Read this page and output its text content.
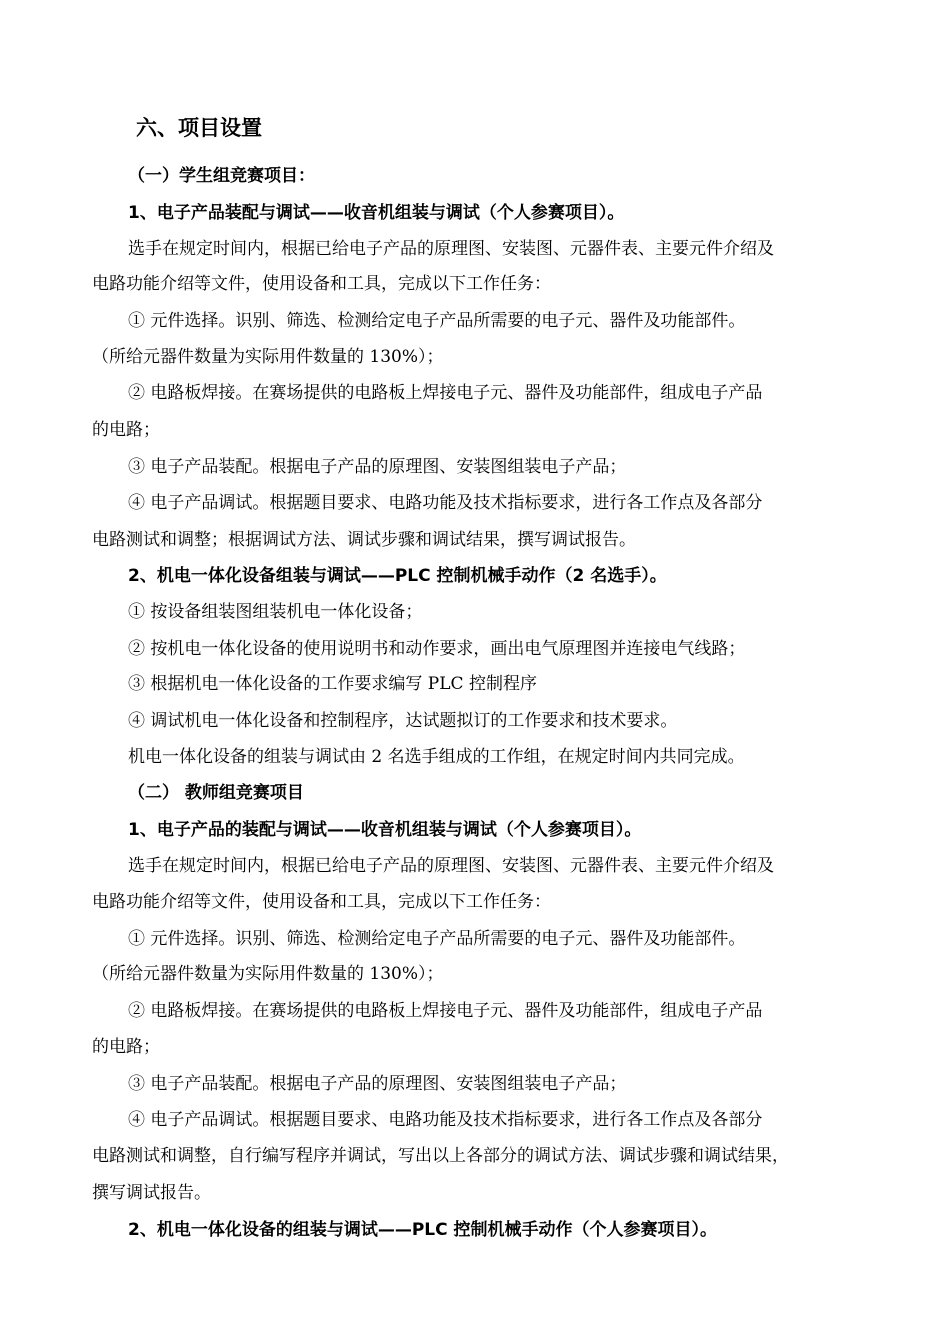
六、项目设置
（一）学生组竞赛项目：
1、电子产品装配与调试——收音机组装与调试（个人参赛项目）。
选手在规定时间内，根据已给电子产品的原理图、安装图、元器件表、主要元件介绍及
电路功能介绍等文件，使用设备和工具，完成以下工作任务：
① 元件选择。识别、筛选、检测给定电子产品所需要的电子元、器件及功能部件。
（所给元器件数量为实际用件数量的 130%）；
② 电路板焊接。在赛场提供的电路板上焊接电子元、器件及功能部件，组成电子产品
的电路；
③ 电子产品装配。根据电子产品的原理图、安装图组装电子产品；
④ 电子产品调试。根据题目要求、电路功能及技术指标要求，进行各工作点及各部分
电路测试和调整；根据调试方法、调试步骤和调试结果，撰写调试报告。
2、机电一体化设备组装与调试——PLC 控制机械手动作（2 名选手）。
① 按设备组装图组装机电一体化设备；
② 按机电一体化设备的使用说明书和动作要求，画出电气原理图并连接电气线路；
③ 根据机电一体化设备的工作要求编写 PLC 控制程序
④ 调试机电一体化设备和控制程序，达试题拟订的工作要求和技术要求。
机电一体化设备的组装与调试由 2 名选手组成的工作组，在规定时间内共同完成。
（二） 教师组竞赛项目
1、电子产品的装配与调试——收音机组装与调试（个人参赛项目）。
选手在规定时间内，根据已给电子产品的原理图、安装图、元器件表、主要元件介绍及
电路功能介绍等文件，使用设备和工具，完成以下工作任务：
① 元件选择。识别、筛选、检测给定电子产品所需要的电子元、器件及功能部件。
（所给元器件数量为实际用件数量的 130%）；
② 电路板焊接。在赛场提供的电路板上焊接电子元、器件及功能部件，组成电子产品
的电路；
③ 电子产品装配。根据电子产品的原理图、安装图组装电子产品；
④ 电子产品调试。根据题目要求、电路功能及技术指标要求，进行各工作点及各部分
电路测试和调整，自行编写程序并调试，写出以上各部分的调试方法、调试步骤和调试结果，
撰写调试报告。
2、机电一体化设备的组装与调试——PLC 控制机械手动作（个人参赛项目）。
